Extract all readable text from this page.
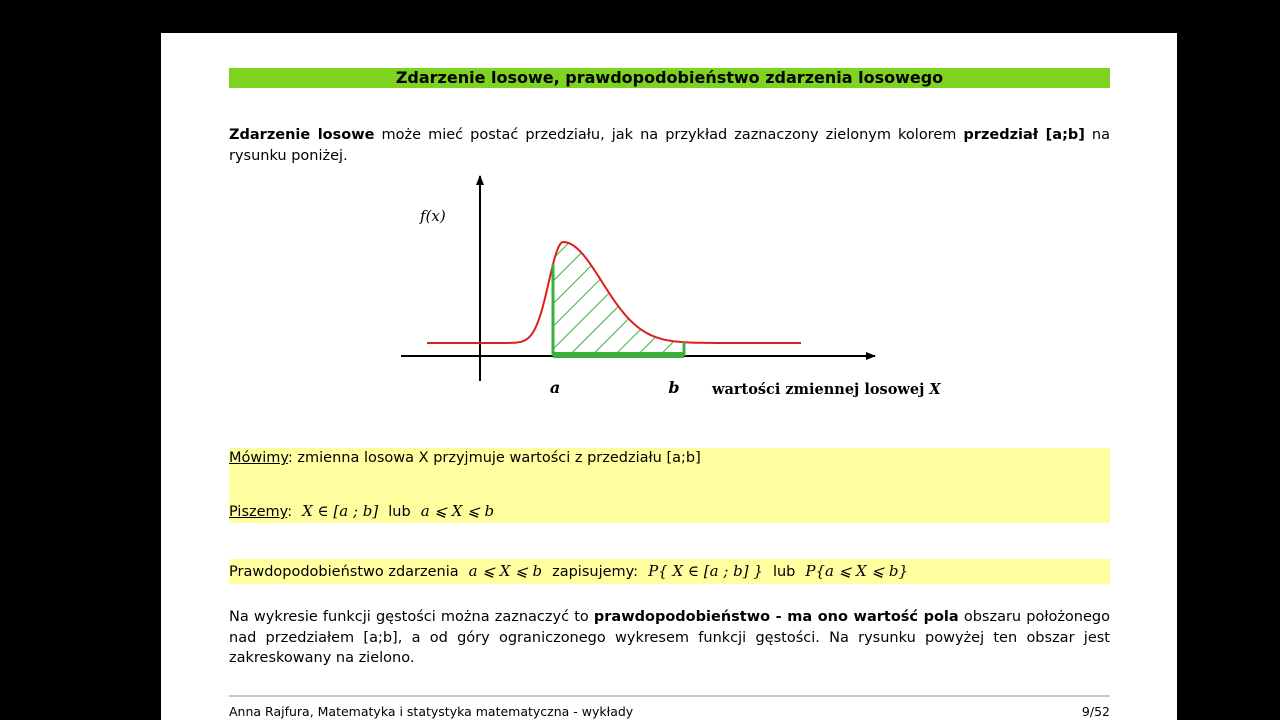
Zdarzenie losowe, prawdopodobieństwo zdarzenia losowego
Zdarzenie losowe może mieć postać przedziału, jak na przykład zaznaczony zielonym kolorem przedział [a;b] na rysunku poniżej.
f(x)
a	b wartości zmiennej losowej X
Mówimy: zmienna losowa X przyjmuje wartości z przedziału [a;b]
Piszemy: X ∈ [a ; b] lub a ⩽ X ⩽ b
Prawdopodobieństwo zdarzenia a ⩽ X ⩽ b zapisujemy: P{ X ∈ [a ; b] } lub P{a ⩽ X ⩽ b}
Na wykresie funkcji gęstości można zaznaczyć to prawdopodobieństwo - ma ono wartość pola obszaru położonego nad przedziałem [a;b], a od góry ograniczonego wykresem funkcji gęstości. Na rysunku powyżej ten obszar jest zakreskowany na zielono.
Anna Rajfura, Matematyka i statystyka matematyczna - wykłady	9/52
